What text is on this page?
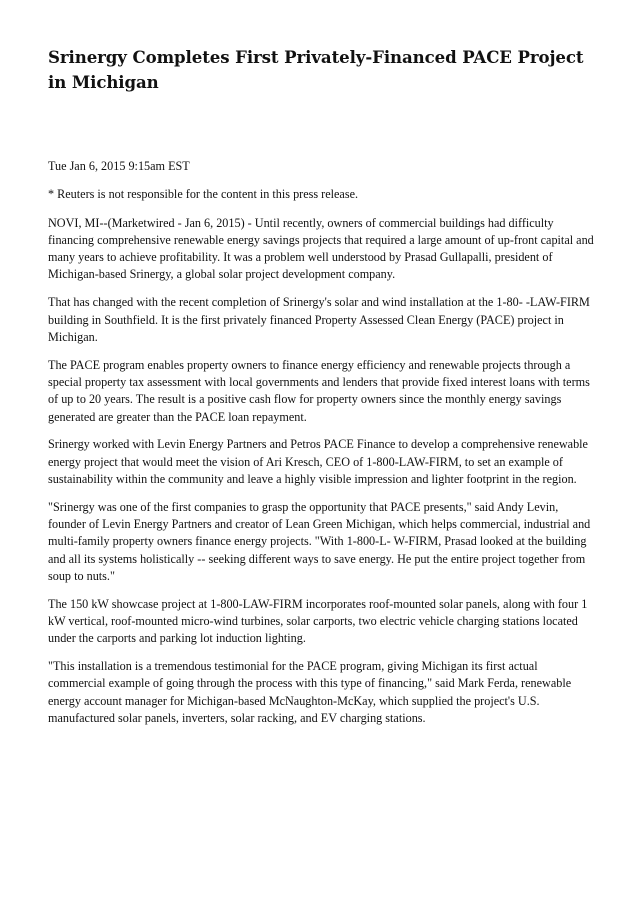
Srinergy Completes First Privately-Financed PACE Project in Michigan

Tue Jan 6, 2015 9:15am EST

* Reuters is not responsible for the content in this press release.

NOVI, MI--(Marketwired - Jan 6, 2015) - Until recently, owners of commercial buildings had difficulty financing comprehensive renewable energy savings projects that required a large amount of up-front capital and many years to achieve profitability. It was a problem well understood by Prasad Gullapalli, president of Michigan-based Srinergy, a global solar project development company.

That has changed with the recent completion of Srinergy's solar and wind installation at the 1-80- -LAW-FIRM building in Southfield. It is the first privately financed Property Assessed Clean Energy (PACE) project in Michigan.

The PACE program enables property owners to finance energy efficiency and renewable projects through a special property tax assessment with local governments and lenders that provide fixed interest loans with terms of up to 20 years. The result is a positive cash flow for property owners since the monthly energy savings generated are greater than the PACE loan repayment.

Srinergy worked with Levin Energy Partners and Petros PACE Finance to develop a comprehensive renewable energy project that would meet the vision of Ari Kresch, CEO of 1-800-LAW-FIRM, to set an example of sustainability within the community and leave a highly visible impression and lighter footprint in the region.

"Srinergy was one of the first companies to grasp the opportunity that PACE presents," said Andy Levin, founder of Levin Energy Partners and creator of Lean Green Michigan, which helps commercial, industrial and multi-family property owners finance energy projects. "With 1-800-L- W-FIRM, Prasad looked at the building and all its systems holistically -- seeking different ways to save energy. He put the entire project together from soup to nuts."

The 150 kW showcase project at 1-800-LAW-FIRM incorporates roof-mounted solar panels, along with four 1 kW vertical, roof-mounted micro-wind turbines, solar carports, two electric vehicle charging stations located under the carports and parking lot induction lighting.

"This installation is a tremendous testimonial for the PACE program, giving Michigan its first actual commercial example of going through the process with this type of financing," said Mark Ferda, renewable energy account manager for Michigan-based McNaughton-McKay, which supplied the project's U.S. manufactured solar panels, inverters, solar racking, and EV charging stations.
